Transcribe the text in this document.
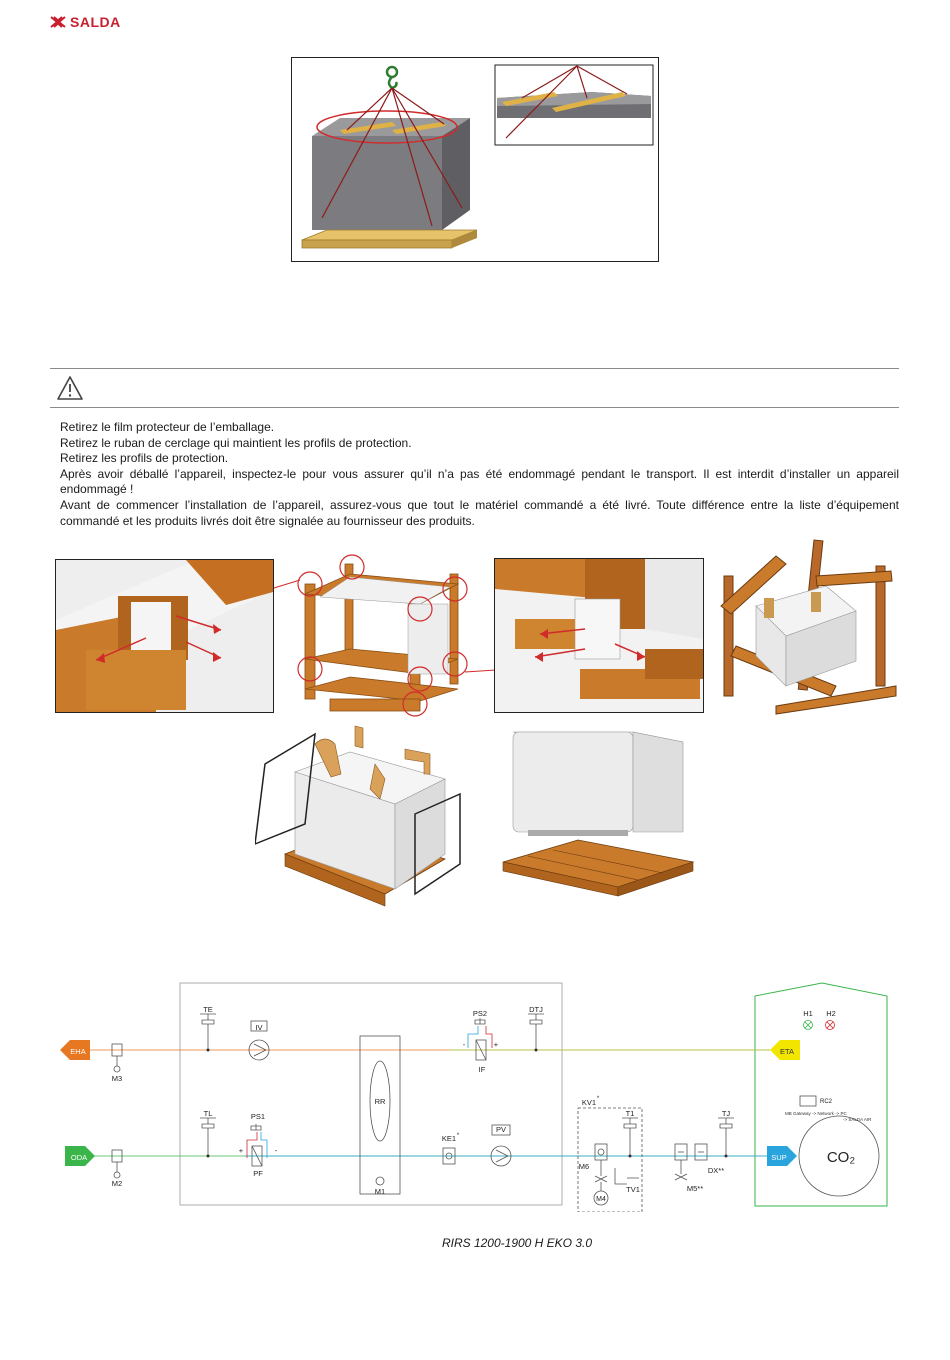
SALDA

Retirez le film protecteur de l’emballage.

Retirez le ruban de cerclage qui maintient les profils de protection.

Retirez les profils de protection.

Après avoir déballé l’appareil, inspectez-le pour vous assurer qu’il n’a pas été endommagé pendant le transport. Il est interdit d’installer un appareil endommagé !

Avant de commencer l’installation de l’appareil, assurez-vous que tout le matériel commandé a été livré. Toute différence entre la liste d’équipement commandé et les produits livrés doit être signalée au fournisseur des produits.

EHA
ODA
ETA
SUP
M3
M2
TE
IV
TL	PS1
PF
RR
M1
PS2
IF
DTJ
KE1 *
PV
KV1 *
T1
M6
M4
TV1
TJ
DX**
M5**
H1 H2
RC2
CO₂
-	+
+	-
MB Gateway -> Network -> PC
-> SALDA AIR
RIRS 1200-1900 H EKO 3.0
